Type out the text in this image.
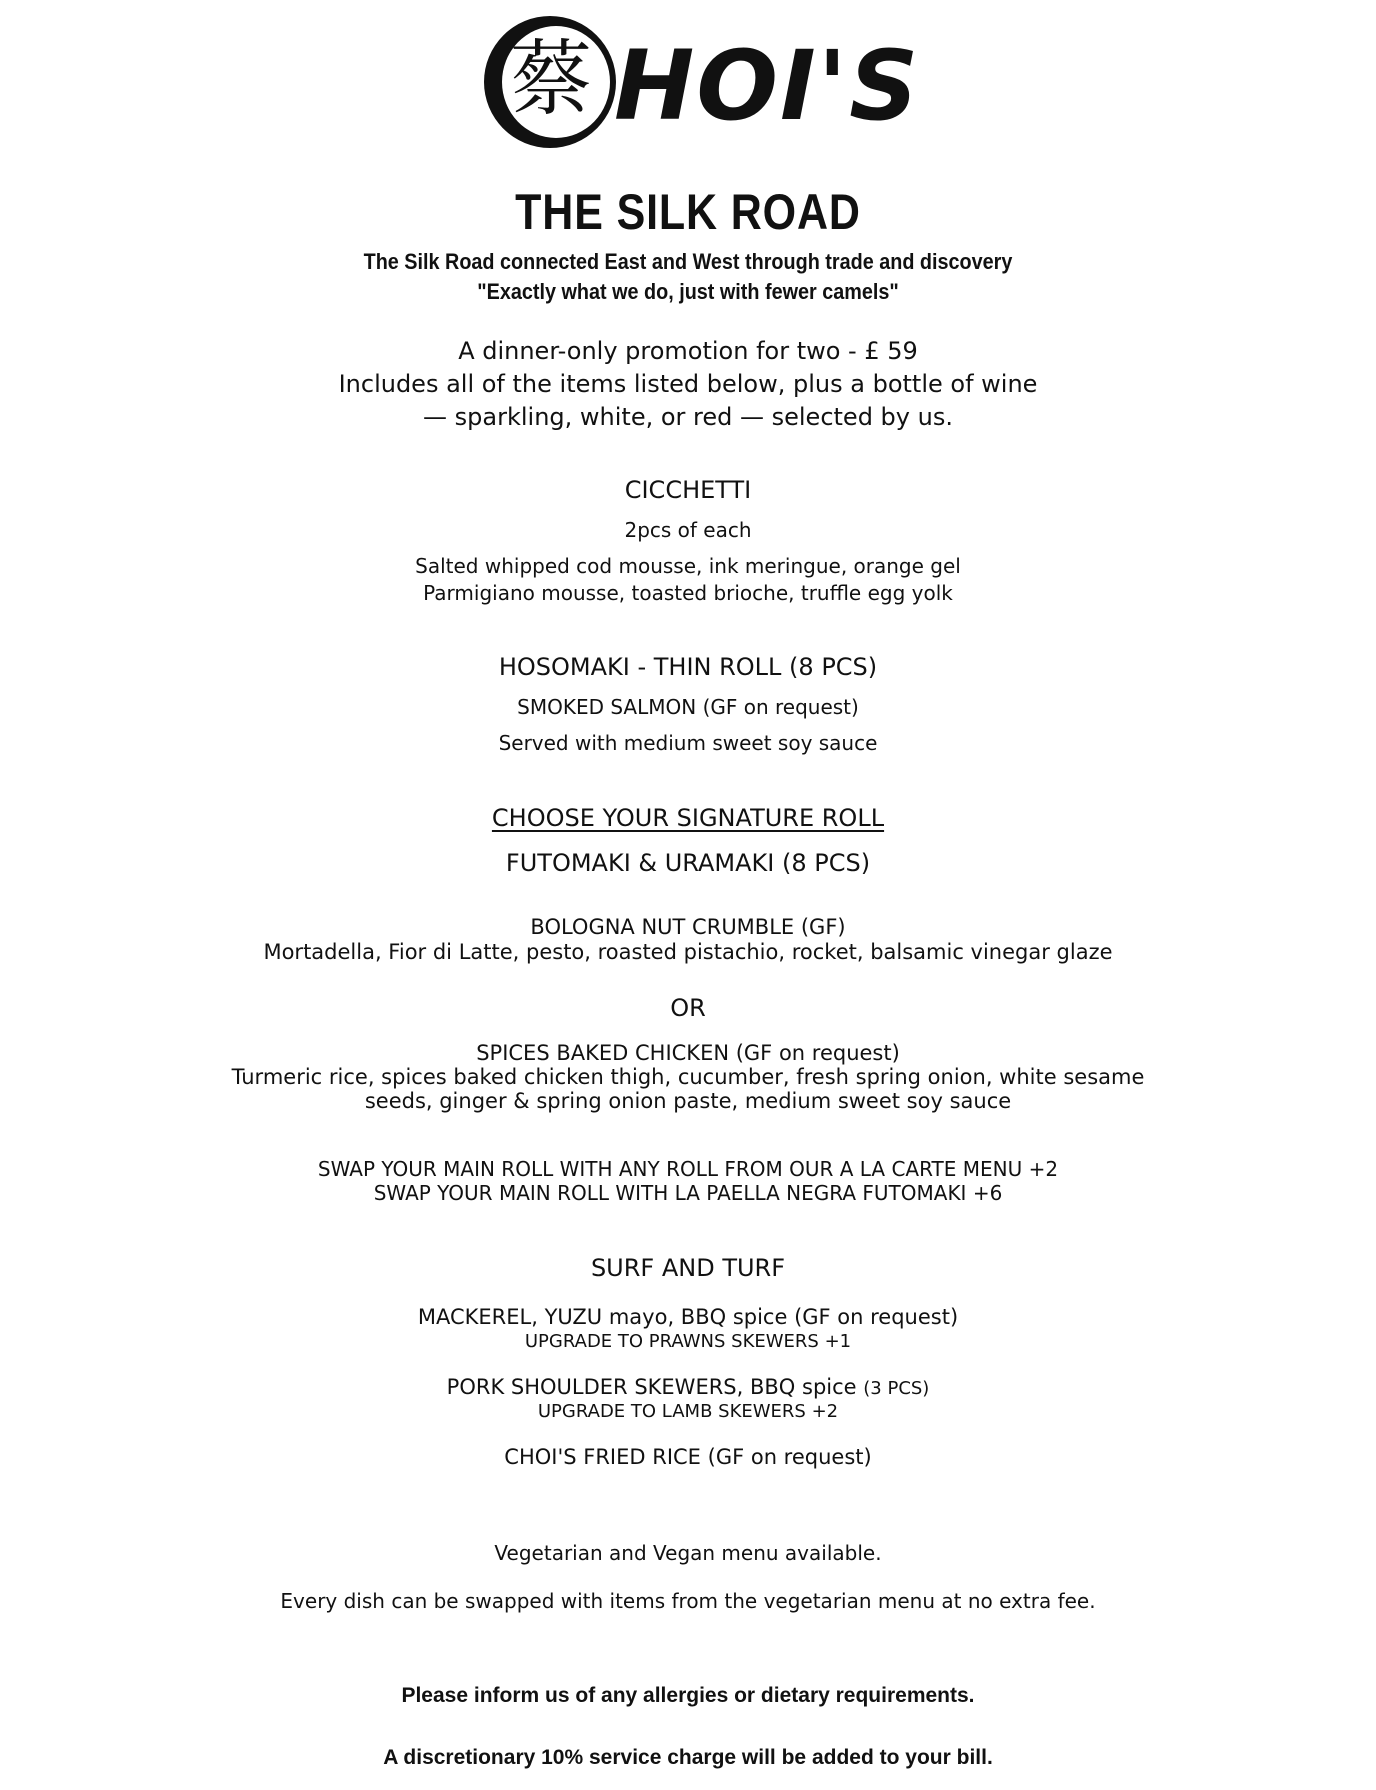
蔡 HOI'S
THE SILK ROAD
The Silk Road connected East and West through trade and discovery
"Exactly what we do, just with fewer camels"
A dinner-only promotion for two - £ 59
Includes all of the items listed below, plus a bottle of wine
— sparkling, white, or red — selected by us.
CICCHETTI
2pcs of each
Salted whipped cod mousse, ink meringue, orange gel
Parmigiano mousse, toasted brioche, truffle egg yolk
HOSOMAKI - THIN ROLL (8 PCS)
SMOKED SALMON (GF on request)
Served with medium sweet soy sauce
CHOOSE YOUR SIGNATURE ROLL
FUTOMAKI & URAMAKI (8 PCS)
BOLOGNA NUT CRUMBLE (GF)
Mortadella, Fior di Latte, pesto, roasted pistachio, rocket, balsamic vinegar glaze
OR
SPICES BAKED CHICKEN (GF on request)
Turmeric rice, spices baked chicken thigh, cucumber, fresh spring onion, white sesame
seeds, ginger & spring onion paste, medium sweet soy sauce
SWAP YOUR MAIN ROLL WITH ANY ROLL FROM OUR A LA CARTE MENU +2
SWAP YOUR MAIN ROLL WITH LA PAELLA NEGRA FUTOMAKI +6
SURF AND TURF
MACKEREL, YUZU mayo, BBQ spice (GF on request)
UPGRADE TO PRAWNS SKEWERS +1
PORK SHOULDER SKEWERS, BBQ spice (3 PCS)
UPGRADE TO LAMB SKEWERS +2
CHOI'S FRIED RICE (GF on request)
Vegetarian and Vegan menu available.
Every dish can be swapped with items from the vegetarian menu at no extra fee.
Please inform us of any allergies or dietary requirements.
A discretionary 10% service charge will be added to your bill.
